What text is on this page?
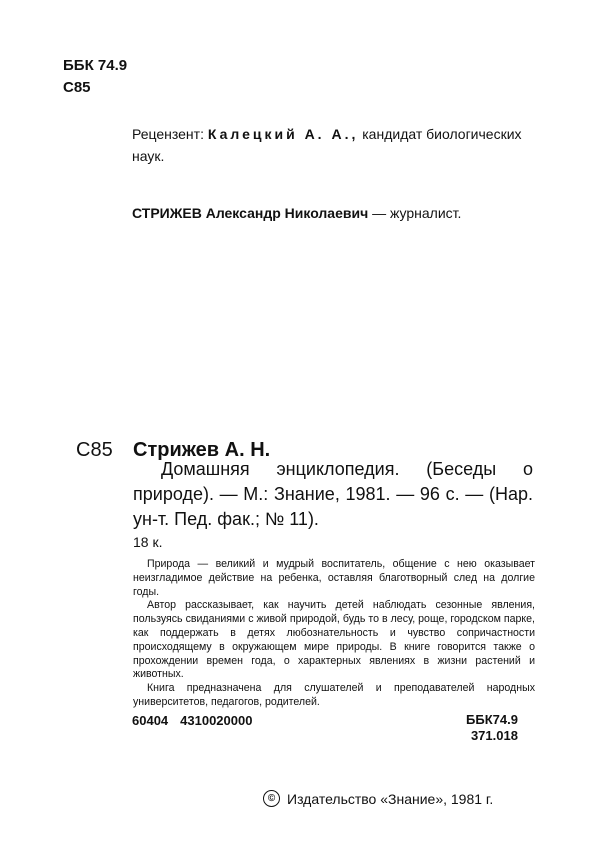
ББК 74.9
С85
Рецензент: Калецкий А. А., кандидат биологических наук.
СТРИЖЕВ Александр Николаевич — журналист.
С85 Стрижев А. Н.
Домашняя энциклопедия. (Беседы о природе). — М.: Знание, 1981. — 96 с. — (Нар. ун-т. Пед. фак.; № 11).
18 к.

Природа — великий и мудрый воспитатель, общение с нею оказывает неизгладимое действие на ребенка, оставляя благотворный след на долгие годы.

Автор рассказывает, как научить детей наблюдать сезонные явления, пользуясь свиданиями с живой природой, будь то в лесу, роще, городском парке, как поддержать в детях любознательность и чувство сопричастности происходящему в окружающем мире природы. В книге говорится также о прохождении времен года, о характерных явлениях в жизни растений и животных.

Книга предназначена для слушателей и преподавателей народных университетов, педагогов, родителей.

60404 4310020000	ББК74.9
371.018
© Издательство «Знание», 1981 г.
